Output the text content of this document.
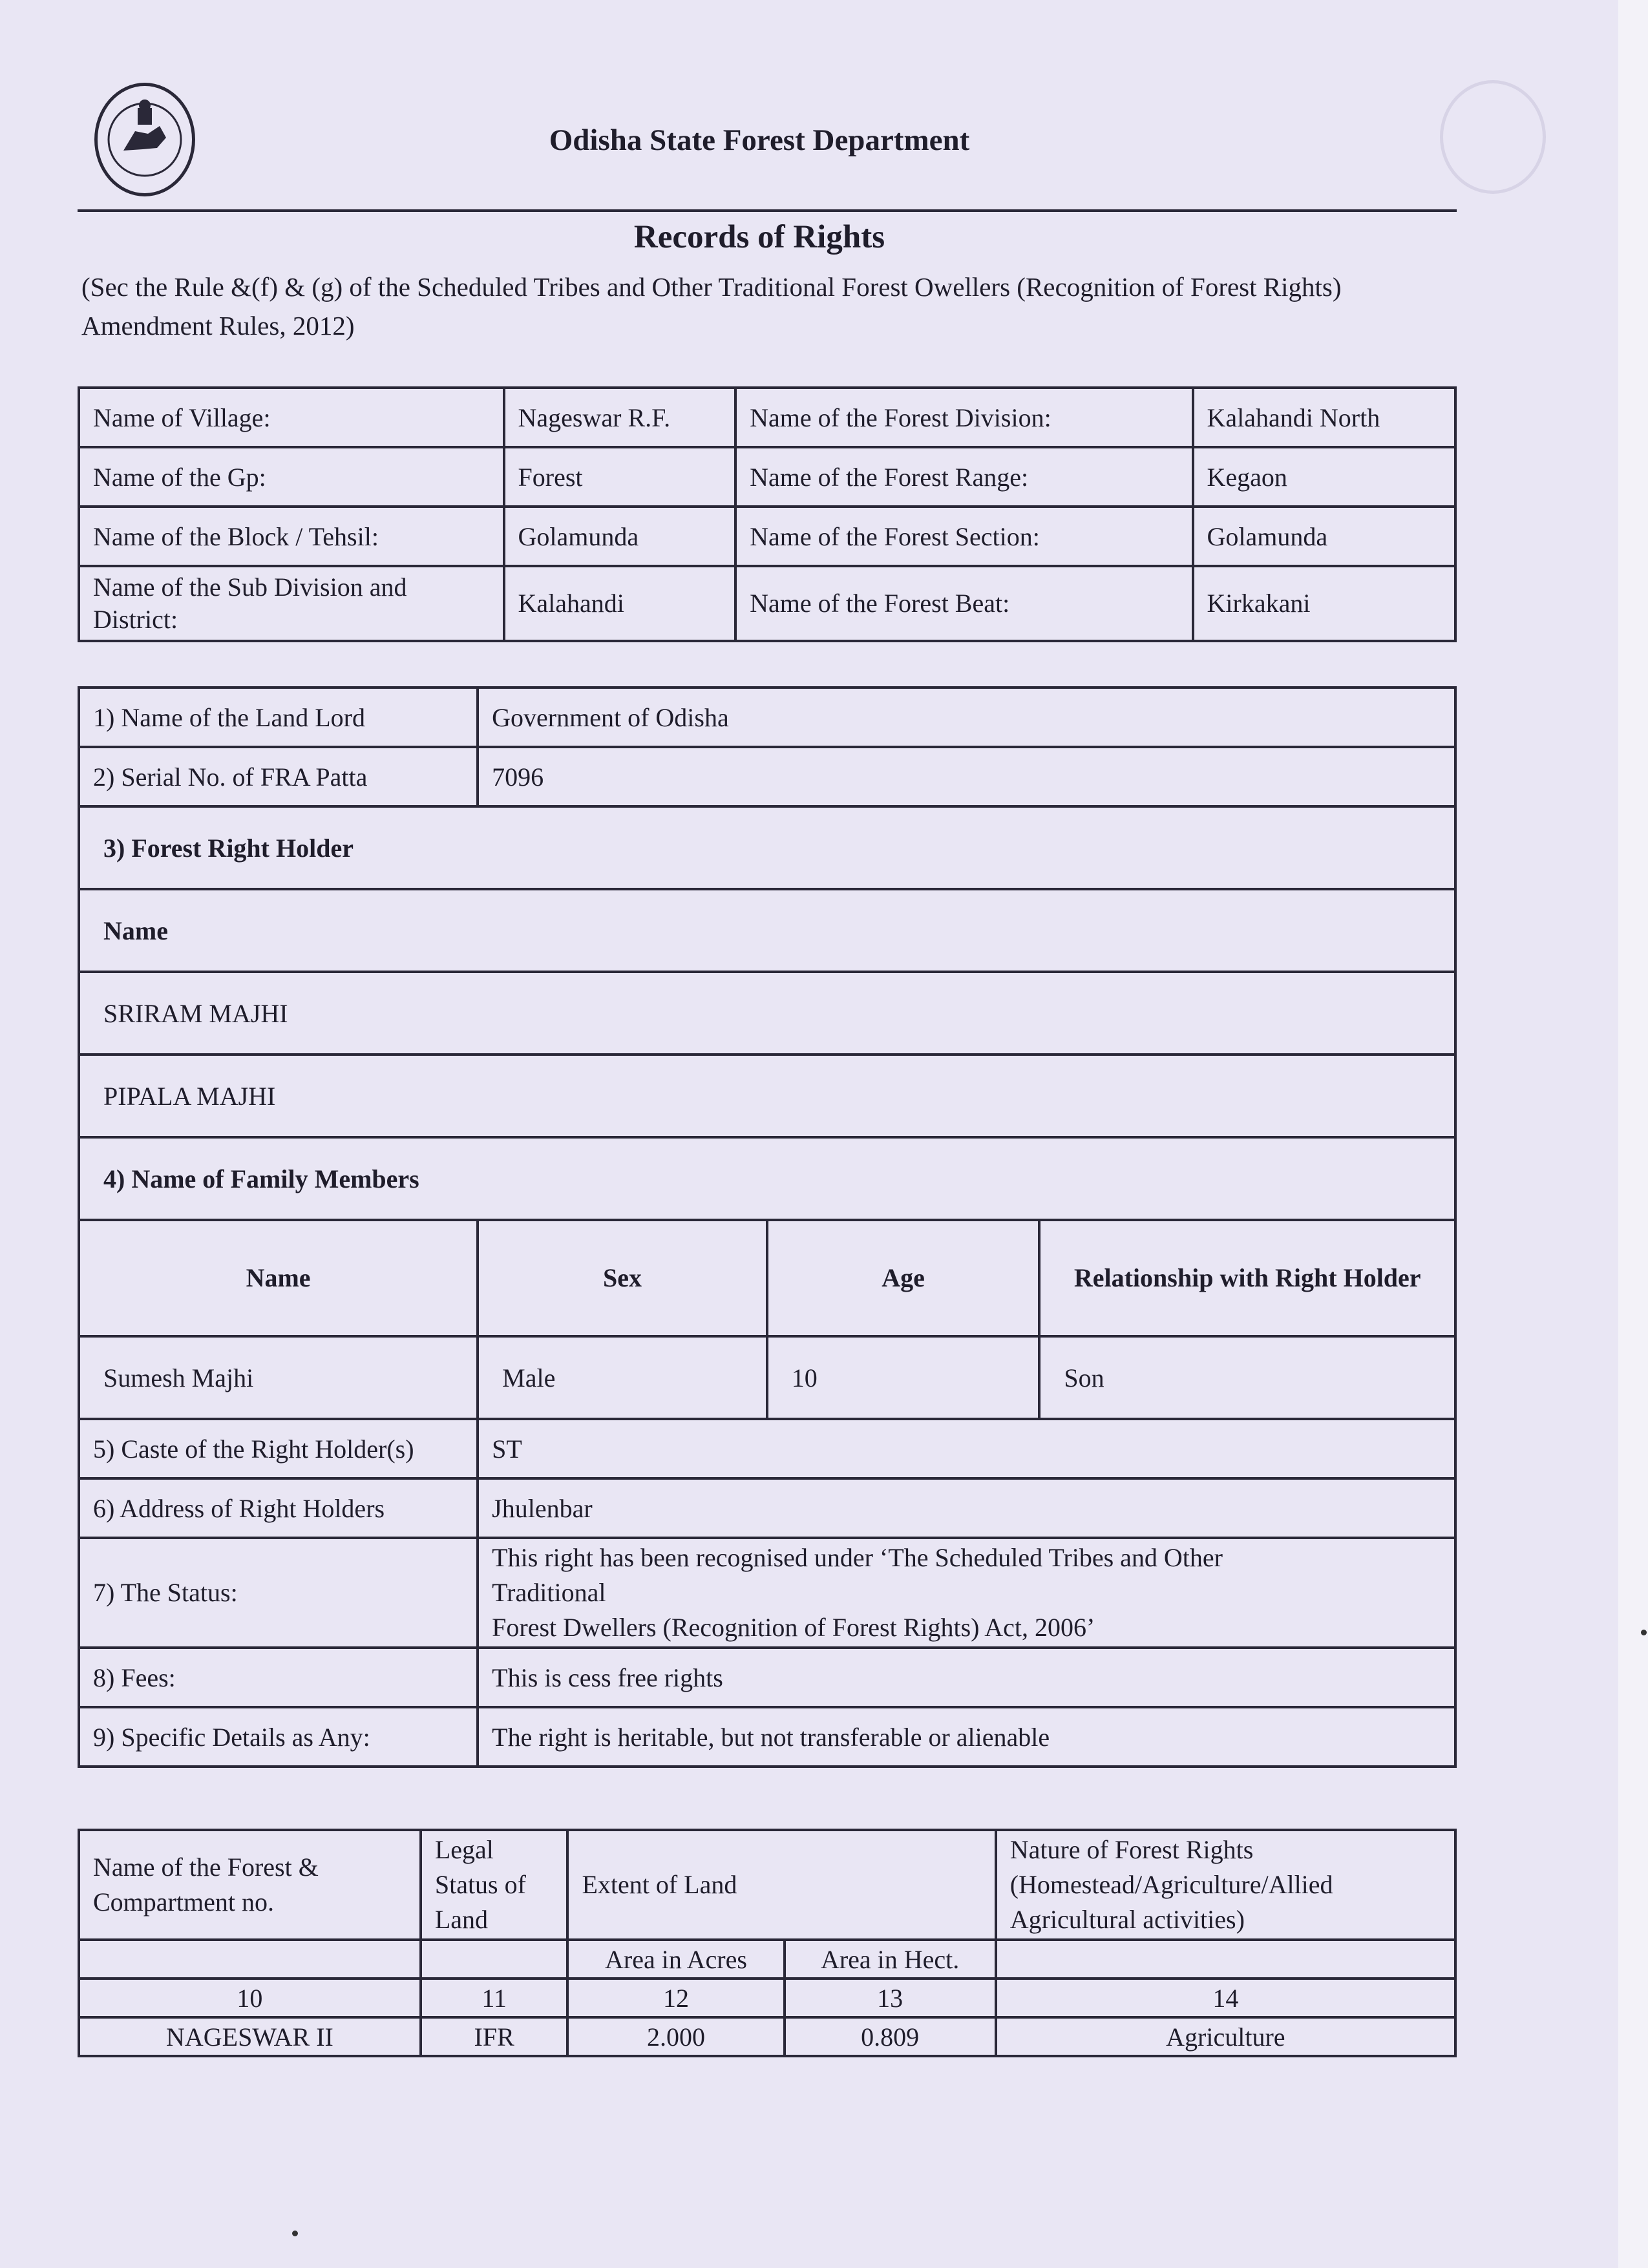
Odisha State Forest Department
Records of Rights
(Sec the Rule &(f) & (g) of the Scheduled Tribes and Other Traditional Forest Owellers (Recognition of Forest Rights) Amendment Rules, 2012)
Name of Village:	Nageswar R.F.	Name of the Forest Division:	Kalahandi North
Name of the Gp:	Forest	Name of the Forest Range:	Kegaon
Name of the Block / Tehsil:	Golamunda	Name of the Forest Section:	Golamunda
Name of the Sub Division and District:	Kalahandi	Name of the Forest Beat:	Kirkakani
1) Name of the Land Lord	Government of Odisha		
2) Serial No. of FRA Patta	7096		
3) Forest Right Holder			
Name			
SRIRAM MAJHI			
PIPALA MAJHI			
4) Name of Family Members			
Name	Sex	Age	Relationship with Right Holder
Sumesh Majhi	Male	10	Son
5) Caste of the Right Holder(s)	ST		
6) Address of Right Holders	Jhulenbar		
7) The Status:	This right has been recognised under ‘The Scheduled Tribes and Other Traditional
Forest Dwellers (Recognition of Forest Rights) Act, 2006’		

8) Fees:	This is cess free rights		
9) Specific Details as Any:	The right is heritable, but not transferable or alienable		
Name of the Forest & Compartment no.	Legal Status of Land	Extent of Land		Nature of Forest Rights (Homestead/Agriculture/Allied Agricultural activities)
		Area in Acres	Area in Hect.	
10	11	12	13	14
NAGESWAR II	IFR	2.000	0.809	Agriculture
